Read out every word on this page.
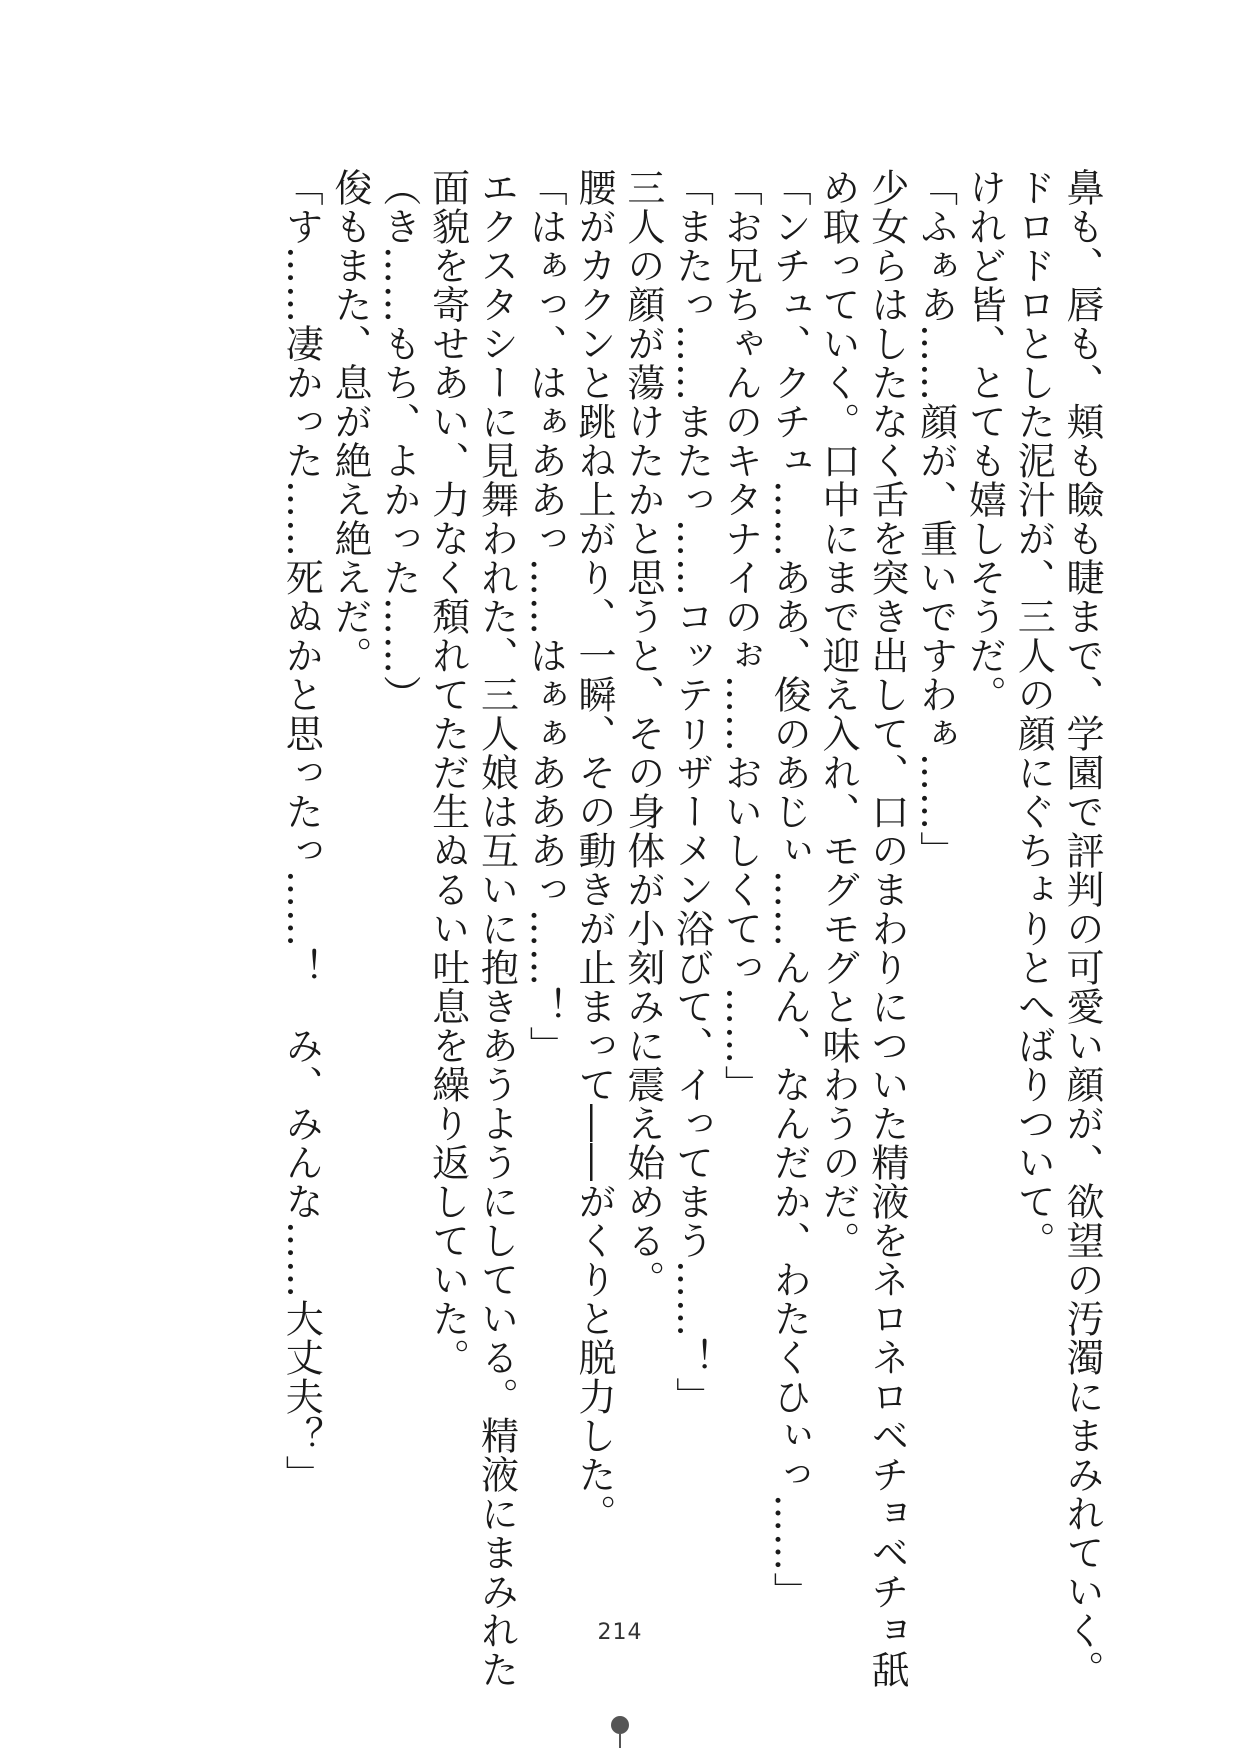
鼻も、唇も、頬も瞼も睫まで、学園で評判の可愛い顔が、欲望の汚濁にまみれていく。
ドロドロとした泥汁が、三人の顔にぐちょりとへばりついて。
けれど皆、とても嬉しそうだ。
「ふぁあ……顔が、重いですわぁ……」
少女らはしたなく舌を突き出して、口のまわりについた精液をネロネロベチョベチョ舐
め取っていく。口中にまで迎え入れ、モグモグと味わうのだ。
「ンチュ、クチュ……ああ、俊のあじぃ……んん、なんだか、わたくひぃっ……」
「お兄ちゃんのキタナイのぉ……おいしくてっ……」
「またっ……またっ……コッテリザーメン浴びて、イってまう……！」
三人の顔が蕩けたかと思うと、その身体が小刻みに震え始める。
腰がカクンと跳ね上がり、一瞬、その動きが止まって――がくりと脱力した。
「はぁっ、はぁああっ……はぁぁあああっ……！」
エクスタシーに見舞われた、三人娘は互いに抱きあうようにしている。精液にまみれた
面貌を寄せあい、力なく頽れてただ生ぬるい吐息を繰り返していた。
（き……もち、よかった……）
俊もまた、息が絶え絶えだ。
「す……凄かった……死ぬかと思ったっ……！　み、みんな……大丈夫？」
214
